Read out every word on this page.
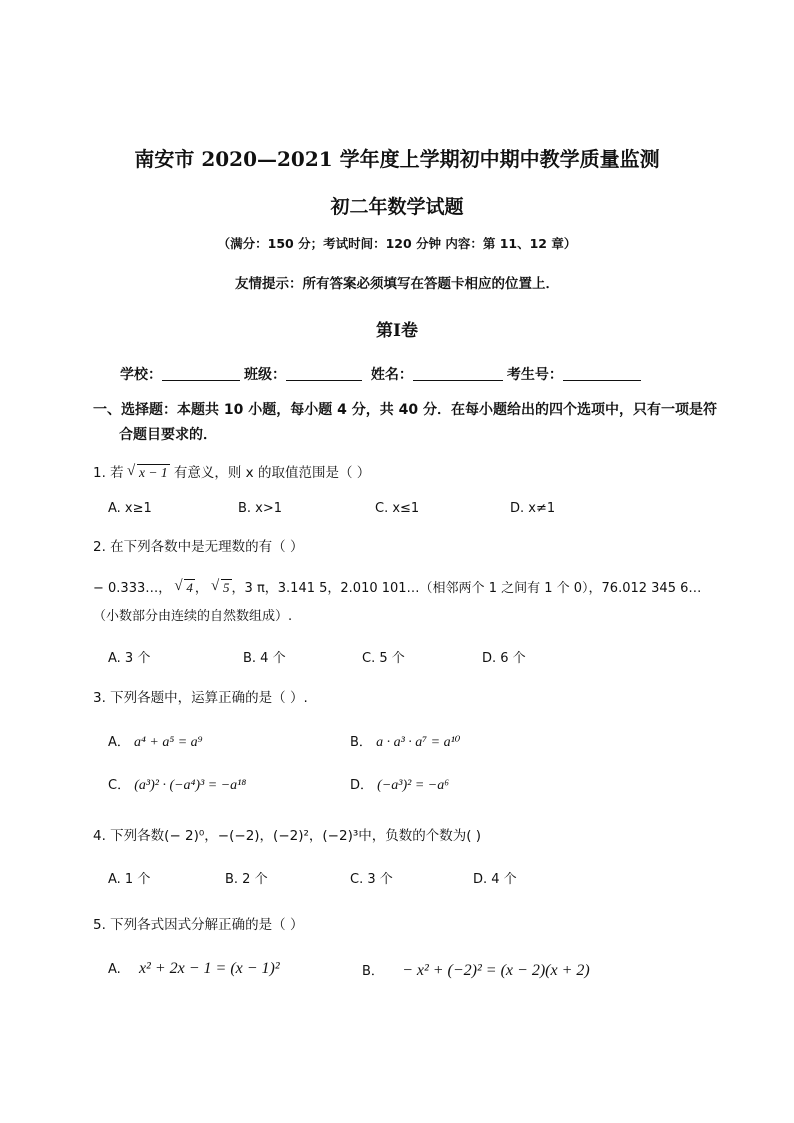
南安市 2020—2021 学年度上学期初中期中教学质量监测
初二年数学试题
（满分：150 分；考试时间：120 分钟 内容：第 11、12 章）
友情提示：所有答案必须填写在答题卡相应的位置上．
第Ⅰ卷
学校：	班级：	姓名：	考生号：
一、选择题：本题共 10 小题，每小题 4 分，共 40 分．在每小题给出的四个选项中，只有一项是符
合题目要求的．
1. 若 √ x − 1 有意义，则 x 的取值范围是（ ）
A. x≥1	B. x>1	C. x≤1	D. x≠1
2. 在下列各数中是无理数的有（ ）
− 0.333…， √ 4 ， √ 5 ，3 π，3.141 5，2.010 101…（相邻两个 1 之间有 1 个 0），76.012 345 6…
（小数部分由连续的自然数组成）.
A. 3 个	B. 4 个	C. 5 个	D. 6 个
3. 下列各题中，运算正确的是（ ）.
A． a⁴ + a⁵ = a⁹	B． a · a³ · a⁷ = a¹⁰
C． (a³)² · (−a⁴)³ = −a¹⁸	D． (−a³)² = −a⁶
4. 下列各数(− 2)⁰，−(−2)，(−2)²，(−2)³中，负数的个数为( )
A. 1 个	B. 2 个	C. 3 个	D. 4 个
5. 下列各式因式分解正确的是（ ）
A. x² + 2x − 1 = (x − 1)²	B． − x² + (−2)² = (x − 2)(x + 2)
